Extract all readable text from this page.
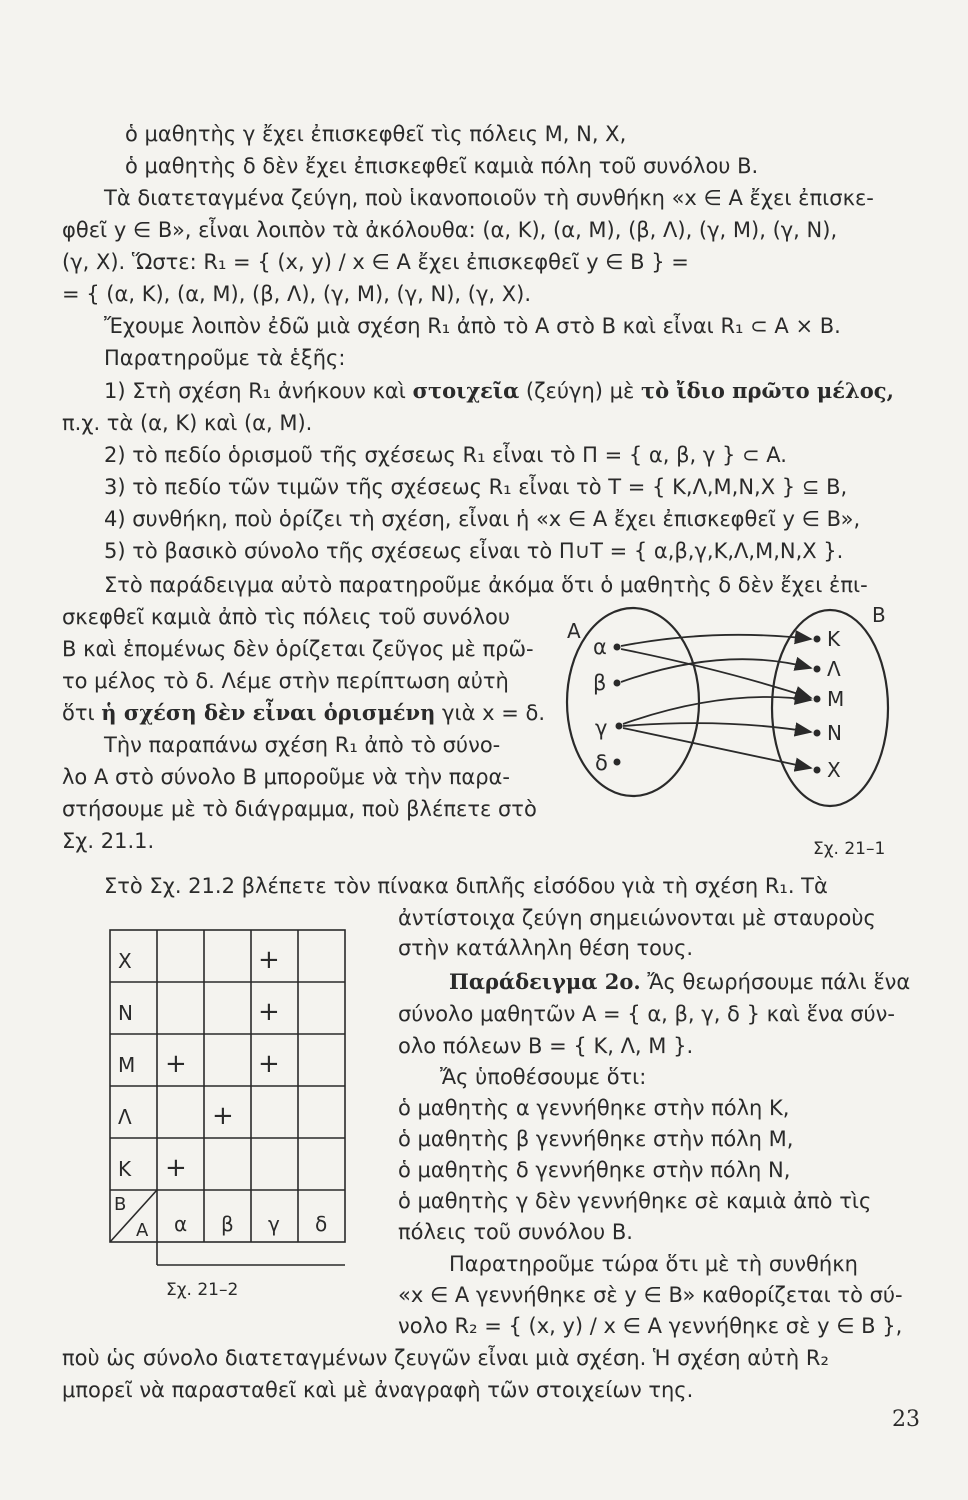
ὁ μαθητὴς γ ἔχει ἐπισκεφθεῖ τὶς πόλεις Μ, Ν, Χ,
ὁ μαθητὴς δ δὲν ἔχει ἐπισκεφθεῖ καμιὰ πόλη τοῦ συνόλου Β.
Τὰ διατεταγμένα ζεύγη, ποὺ ἱκανοποιοῦν τὴ συνθήκη «x ∈ A ἔχει ἐπισκε-
φθεῖ y ∈ B», εἶναι λοιπὸν τὰ ἀκόλουθα: (α, Κ), (α, Μ), (β, Λ), (γ, Μ), (γ, Ν),
(γ, Χ). Ὥστε: R₁ = { (x, y) / x ∈ A ἔχει ἐπισκεφθεῖ y ∈ B } =
= { (α, Κ), (α, Μ), (β, Λ), (γ, Μ), (γ, Ν), (γ, Χ).
Ἔχουμε λοιπὸν ἐδῶ μιὰ σχέση R₁ ἀπὸ τὸ Α στὸ Β καὶ εἶναι R₁ ⊂ A × B.
Παρατηροῦμε τὰ ἑξῆς:
1) Στὴ σχέση R₁ ἀνήκουν καὶ στοιχεῖα (ζεύγη) μὲ τὸ ἴδιο πρῶτο μέλος,
π.χ. τὰ (α, Κ) καὶ (α, Μ).
2) τὸ πεδίο ὁρισμοῦ τῆς σχέσεως R₁ εἶναι τὸ Π = { α, β, γ } ⊂ A.
3) τὸ πεδίο τῶν τιμῶν τῆς σχέσεως R₁ εἶναι τὸ Τ = { Κ,Λ,Μ,Ν,Χ } ⊆ B,
4) συνθήκη, ποὺ ὁρίζει τὴ σχέση, εἶναι ἡ «x ∈ A ἔχει ἐπισκεφθεῖ y ∈ B»,
5) τὸ βασικὸ σύνολο τῆς σχέσεως εἶναι τὸ Π∪Τ = { α,β,γ,Κ,Λ,Μ,Ν,Χ }.
Στὸ παράδειγμα αὐτὸ παρατηροῦμε ἀκόμα ὅτι ὁ μαθητὴς δ δὲν ἔχει ἐπι-
σκεφθεῖ καμιὰ ἀπὸ τὶς πόλεις τοῦ συνόλου
Β καὶ ἑπομένως δὲν ὁρίζεται ζεῦγος μὲ πρῶ-
το μέλος τὸ δ. Λέμε στὴν περίπτωση αὐτὴ
ὅτι ἡ σχέση δὲν εἶναι ὁρισμένη γιὰ x = δ.
Τὴν παραπάνω σχέση R₁ ἀπὸ τὸ σύνο-
λο Α στὸ σύνολο Β μποροῦμε νὰ τὴν παρα-
στήσουμε μὲ τὸ διάγραμμα, ποὺ βλέπετε στὸ
Σχ. 21.1.
A
B
α
β
γ
δ
Κ
Λ
Μ
Ν
Χ
Σχ. 21–1
Στὸ Σχ. 21.2 βλέπετε τὸν πίνακα διπλῆς εἰσόδου γιὰ τὴ σχέση R₁. Τὰ
ἀντίστοιχα ζεύγη σημειώνονται μὲ σταυροὺς
στὴν κατάλληλη θέση τους.
Παράδειγμα 2ο. Ἄς θεωρήσουμε πάλι ἕνα
σύνολο μαθητῶν Α = { α, β, γ, δ } καὶ ἕνα σύν-
ολο πόλεων Β = { Κ, Λ, Μ }.
Ἄς ὑποθέσουμε ὅτι:
ὁ μαθητὴς α γεννήθηκε στὴν πόλη Κ,
ὁ μαθητὴς β γεννήθηκε στὴν πόλη Μ,
ὁ μαθητὴς δ γεννήθηκε στὴν πόλη Ν,
ὁ μαθητὴς γ δὲν γεννήθηκε σὲ καμιὰ ἀπὸ τὶς
πόλεις τοῦ συνόλου Β.
Παρατηροῦμε τώρα ὅτι μὲ τὴ συνθήκη
«x ∈ A γεννήθηκε σὲ y ∈ B» καθορίζεται τὸ σύ-
νολο R₂ = { (x, y) / x ∈ A γεννήθηκε σὲ y ∈ B },
ποὺ ὡς σύνολο διατεταγμένων ζευγῶν εἶναι μιὰ σχέση. Ἡ σχέση αὐτὴ R₂
μπορεῖ νὰ παρασταθεῖ καὶ μὲ ἀναγραφὴ τῶν στοιχείων της.
Χ
Ν
Μ
Λ
Κ
Β
Α α β γ δ
+
+
+	+
+
+
Σχ. 21–2
23
